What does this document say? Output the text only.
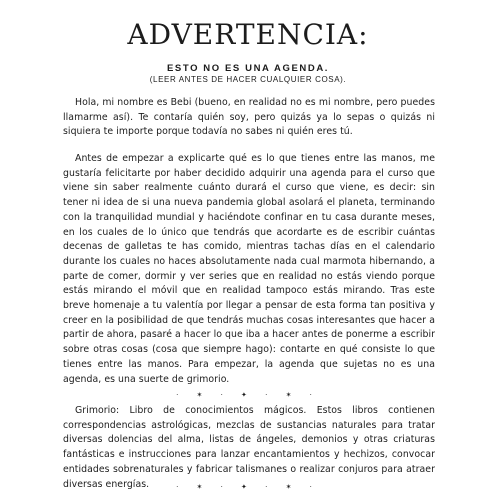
ADVERTENCIA:
ESTO NO ES UNA AGENDA.
(LEER ANTES DE HACER CUALQUIER COSA).

Hola, mi nombre es Bebi (bueno, en realidad no es mi nombre, pero puedes llamarme así). Te contaría quién soy, pero quizás ya lo sepas o quizás ni siquiera te importe porque todavía no sabes ni quién eres tú.

Antes de empezar a explicarte qué es lo que tienes entre las manos, me gustaría felicitarte por haber decidido adquirir una agenda para el curso que viene sin saber realmente cuánto durará el curso que viene, es decir: sin tener ni idea de si una nueva pandemia global asolará el planeta, terminando con la tranquilidad mundial y haciéndote confinar en tu casa durante meses, en los cuales de lo único que tendrás que acordarte es de escribir cuántas decenas de galletas te has comido, mientras tachas días en el calendario durante los cuales no haces absolutamente nada cual marmota hibernando, a parte de comer, dormir y ver series que en realidad no estás viendo porque estás mirando el móvil que en realidad tampoco estás mirando. Tras este breve homenaje a tu valentía por llegar a pensar de esta forma tan positiva y creer en la posibilidad de que tendrás muchas cosas interesantes que hacer a partir de ahora, pasaré a hacer lo que iba a hacer antes de ponerme a escribir sobre otras cosas (cosa que siempre hago): contarte en qué consiste lo que tienes entre las manos. Para empezar, la agenda que sujetas no es una agenda, es una suerte de grimorio.

· ✶ · ✦ · ✶ ·

Grimorio: Libro de conocimientos mágicos. Estos libros contienen correspondencias astrológicas, mezclas de sustancias naturales para tratar diversas dolencias del alma, listas de ángeles, demonios y otras criaturas fantásticas e instrucciones para lanzar encantamientos y hechizos, convocar entidades sobrenaturales y fabricar talismanes o realizar conjuros para atraer diversas energías.	· ✶ · ✦ · ✶ ·
